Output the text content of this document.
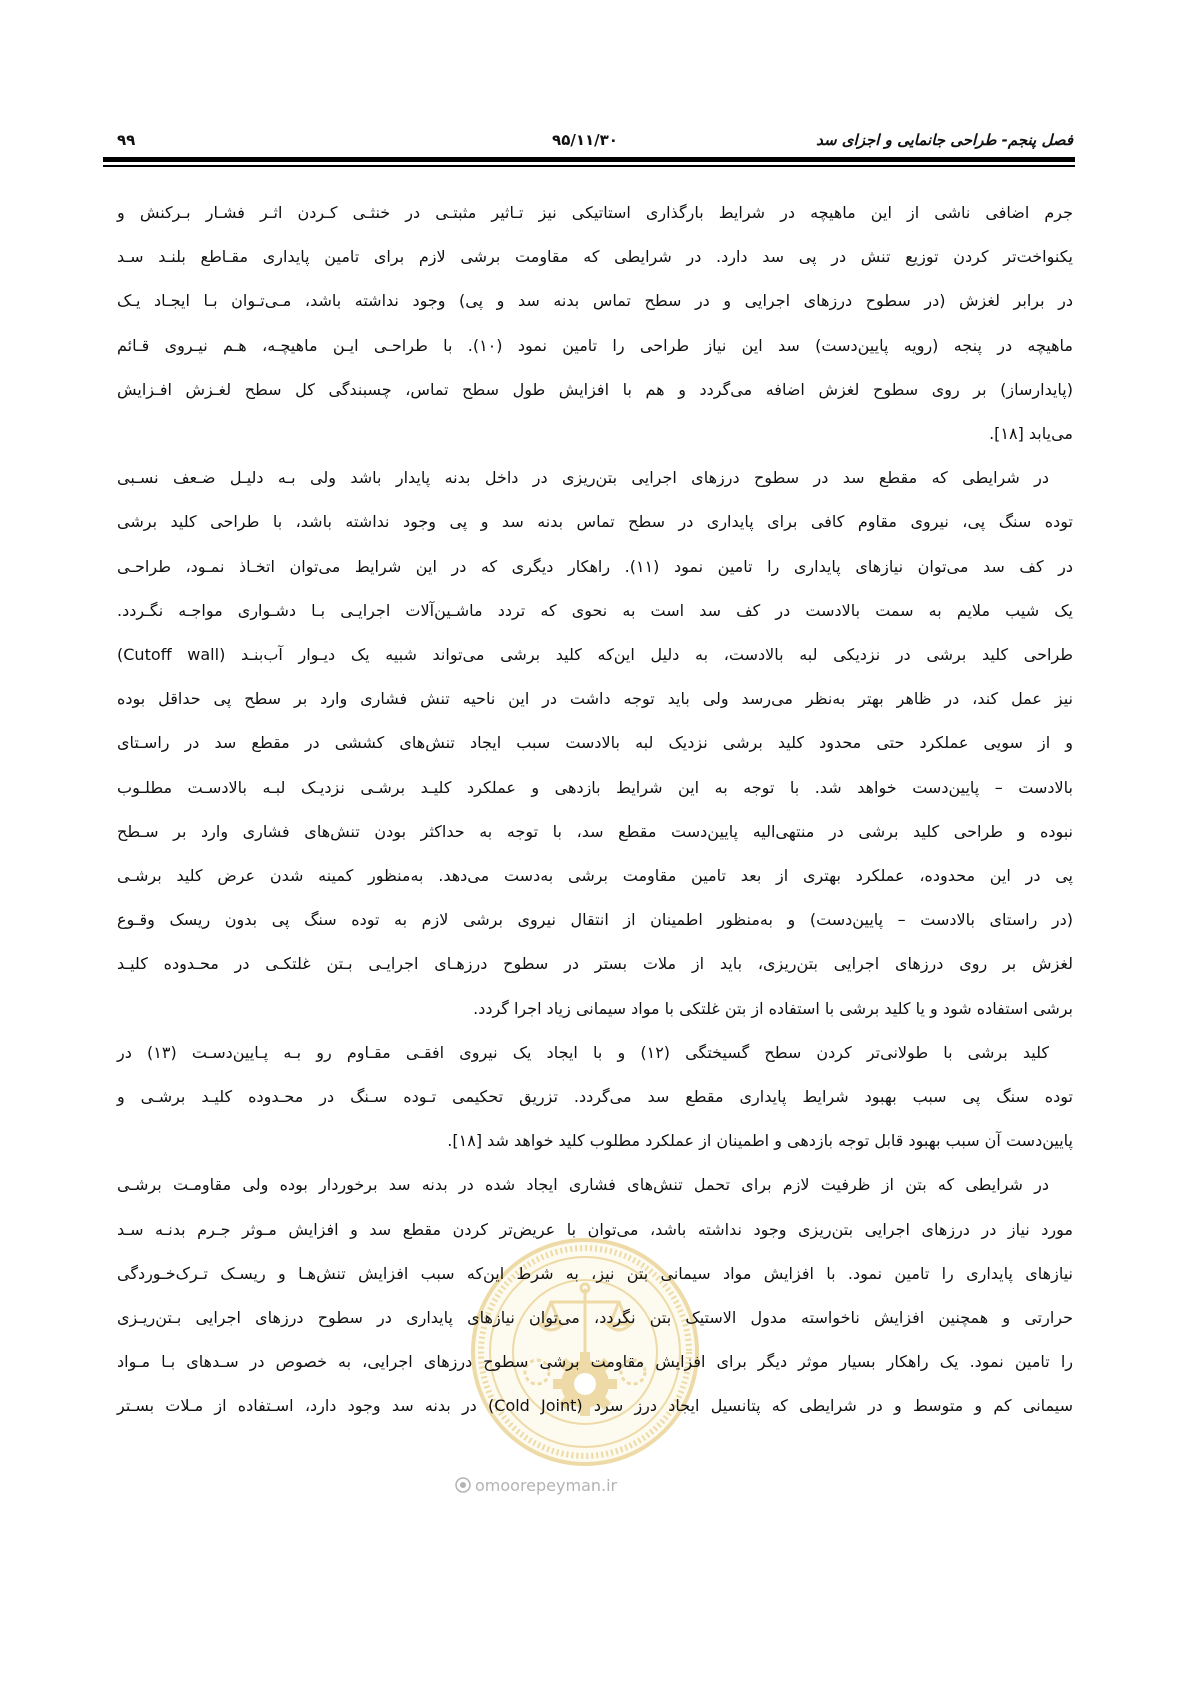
فصل پنجم- طراحی جانمایی و اجزای سد
۹۵/۱۱/۳۰
۹۹
omoorepeyman.ir
جرم اضافی ناشی از این ماهیچه در شرایط بارگذاری استاتیکی نیز تـاثیر مثبتـی در خنثـی کـردن اثـر فشـار بـرکنش و
یکنواخت‌تر کردن توزیع تنش در پی سد دارد. در شرایطی که مقاومت برشی لازم برای تامین پایداری مقـاطع بلنـد سـد
در برابر لغزش (در سطوح درزهای اجرایی و در سطح تماس بدنه سد و پی) وجود نداشته باشد، مـی‌تـوان بـا ایجـاد یـک
ماهیچه در پنجه (رویه پایین‌دست) سد این نیاز طراحی را تامین نمود (۱۰). با طراحـی ایـن ماهیچـه، هـم نیـروی قـائم
(پایدارساز) بر روی سطوح لغزش اضافه می‌گردد و هم با افزایش طول سطح تماس، چسبندگی کل سطح لغـزش افـزایش
می‌یابد [۱۸].
در شرایطی که مقطع سد در سطوح درزهای اجرایی بتن‌ریزی در داخل بدنه پایدار باشد ولی بـه دلیـل ضـعف نسـبی
توده سنگ پی، نیروی مقاوم کافی برای پایداری در سطح تماس بدنه سد و پی وجود نداشته باشد، با طراحی کلید برشی
در کف سد می‌توان نیازهای پایداری را تامین نمود (۱۱). راهکار دیگری که در این شرایط می‌توان اتخـاذ نمـود، طراحـی
یک شیب ملایم به سمت بالادست در کف سد است به نحوی که تردد ماشـین‌آلات اجرایـی بـا دشـواری مواجـه نگـردد.
طراحی کلید برشی در نزدیکی لبه بالادست، به دلیل این‌که کلید برشی می‌تواند شبیه یک دیـوار آب‌بنـد (Cutoff wall)
نیز عمل کند، در ظاهر بهتر به‌نظر می‌رسد ولی باید توجه داشت در این ناحیه تنش فشاری وارد بر سطح پی حداقل بوده
و از سویی عملکرد حتی محدود کلید برشی نزدیک لبه بالادست سبب ایجاد تنش‌های کششی در مقطع سد در راسـتای
بالادست – پایین‌دست خواهد شد. با توجه به این شرایط بازدهی و عملکرد کلیـد برشـی نزدیـک لبـه بالادسـت مطلـوب
نبوده و طراحی کلید برشی در منتهی‌الیه پایین‌دست مقطع سد، با توجه به حداکثر بودن تنش‌های فشاری وارد بر سـطح
پی در این محدوده، عملکرد بهتری از بعد تامین مقاومت برشی به‌دست می‌دهد. به‌منظور کمینه شدن عرض کلید برشـی
(در راستای بالادست – پایین‌دست) و به‌منظور اطمینان از انتقال نیروی برشی لازم به توده سنگ پی بدون ریسک وقـوع
لغزش بر روی درزهای اجرایی بتن‌ریزی، باید از ملات بستر در سطوح درزهـای اجرایـی بـتن غلتکـی در محـدوده کلیـد
برشی استفاده شود و یا کلید برشی با استفاده از بتن غلتکی با مواد سیمانی زیاد اجرا گردد.
کلید برشی با طولانی‌تر کردن سطح گسیختگی (۱۲) و با ایجاد یک نیروی افقـی مقـاوم رو بـه پـایین‌دسـت (۱۳) در
توده سنگ پی سبب بهبود شرایط پایداری مقطع سد می‌گردد. تزریق تحکیمی تـوده سـنگ در محـدوده کلیـد برشـی و
پایین‌دست آن سبب بهبود قابل توجه بازدهی و اطمینان از عملکرد مطلوب کلید خواهد شد [۱۸].
در شرایطی که بتن از ظرفیت لازم برای تحمل تنش‌های فشاری ایجاد شده در بدنه سد برخوردار بوده ولی مقاومـت برشـی
مورد نیاز در درزهای اجرایی بتن‌ریزی وجود نداشته باشد، می‌توان با عریض‌تر کردن مقطع سد و افزایش مـوثر جـرم بدنـه سـد
نیازهای پایداری را تامین نمود. با افزایش مواد سیمانی بتن نیز، به شرط این‌که سبب افزایش تنش‌هـا و ریسـک تـرک‌خـوردگی
حرارتی و همچنین افزایش ناخواسته مدول الاستیک بتن نگردد، می‌توان نیازهای پایداری در سطوح درزهای اجرایی بـتن‌ریـزی
را تامین نمود. یک راهکار بسیار موثر دیگر برای افزایش مقاومت برشی سطوح درزهای اجرایی، به خصوص در سـدهای بـا مـواد
سیمانی کم و متوسط و در شرایطی که پتانسیل ایجاد درز سرد (Cold Joint) در بدنه سد وجود دارد، اسـتفاده از مـلات بسـتر
